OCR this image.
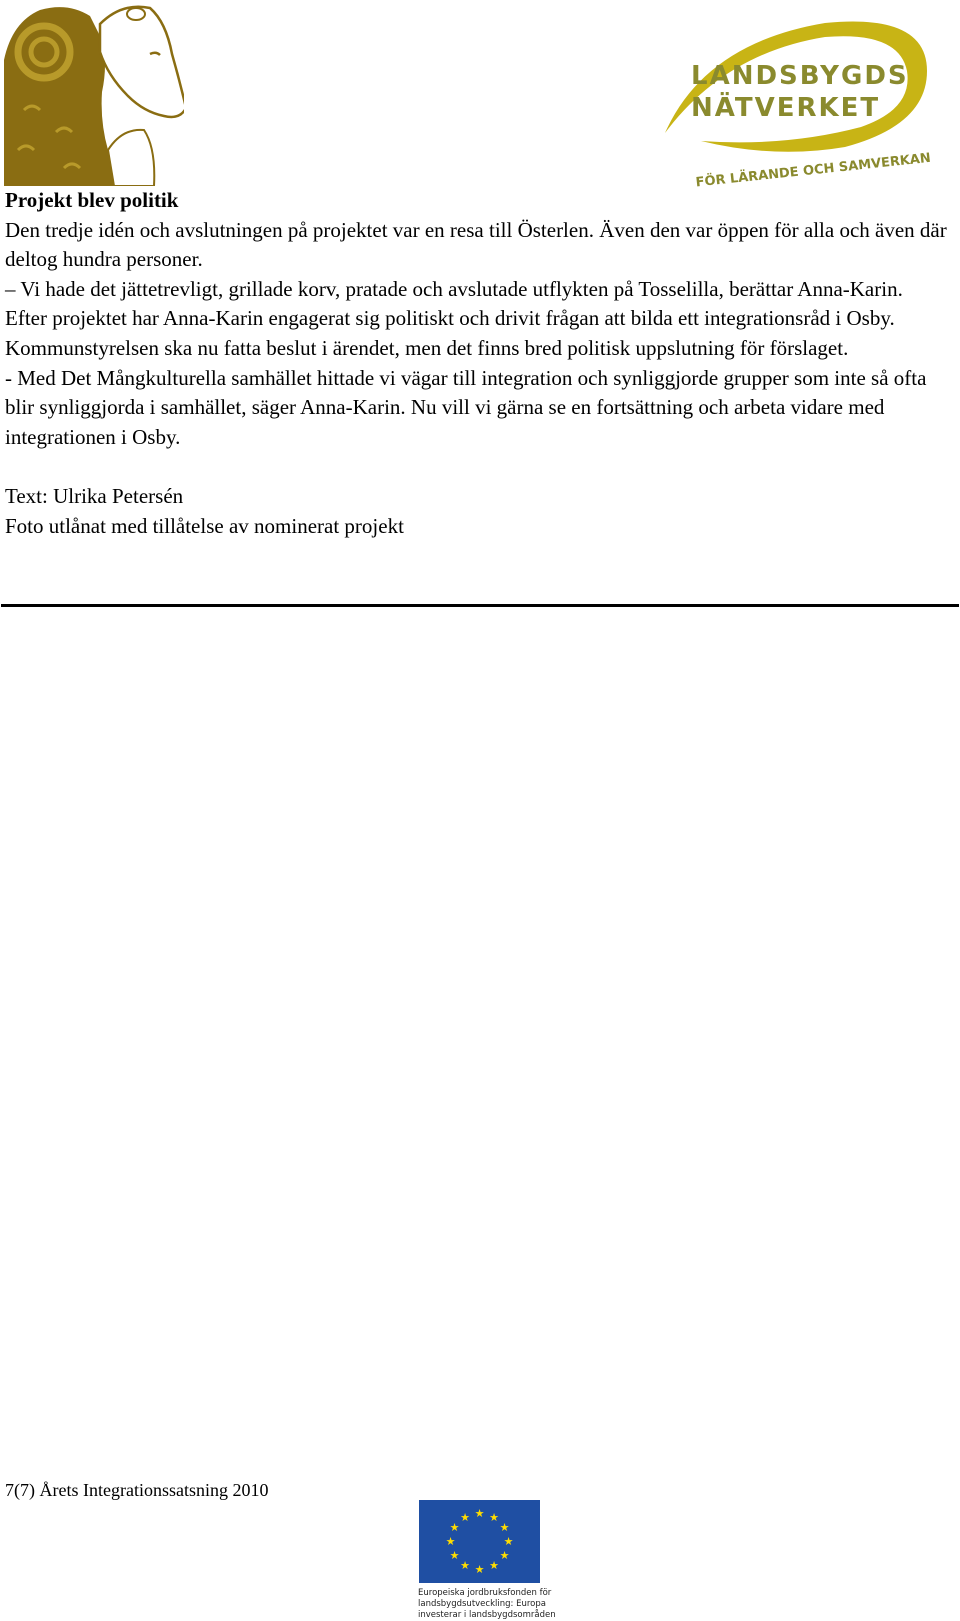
FÖR LÄRANDE OCH SAMVERKAN
LANDSBYGDS
NÄTVERKET

Projekt blev politik

Den tredje idén och avslutningen på projektet var en resa till Österlen. Även den var öppen för alla och även där deltog hundra personer.

– Vi hade det jättetrevligt, grillade korv, pratade och avslutade utflykten på Tosselilla, berättar Anna-Karin.

Efter projektet har Anna-Karin engagerat sig politiskt och drivit frågan att bilda ett integrationsråd i Osby. Kommunstyrelsen ska nu fatta beslut i ärendet, men det finns bred politisk uppslutning för förslaget.

- Med Det Mångkulturella samhället hittade vi vägar till integration och synliggjorde grupper som inte så ofta blir synliggjorda i samhället, säger Anna-Karin. Nu vill vi gärna se en fortsättning och arbeta vidare med integrationen i Osby.

Text: Ulrika Petersén

Foto utlånat med tillåtelse av nominerat projekt

7(7) Årets Integrationssatsning 2010
★ ★
★
★
★
★
★
★
★
★
★
★
Europeiska jordbruksfonden för
landsbygdsutveckling: Europa
investerar i landsbygdsområden
